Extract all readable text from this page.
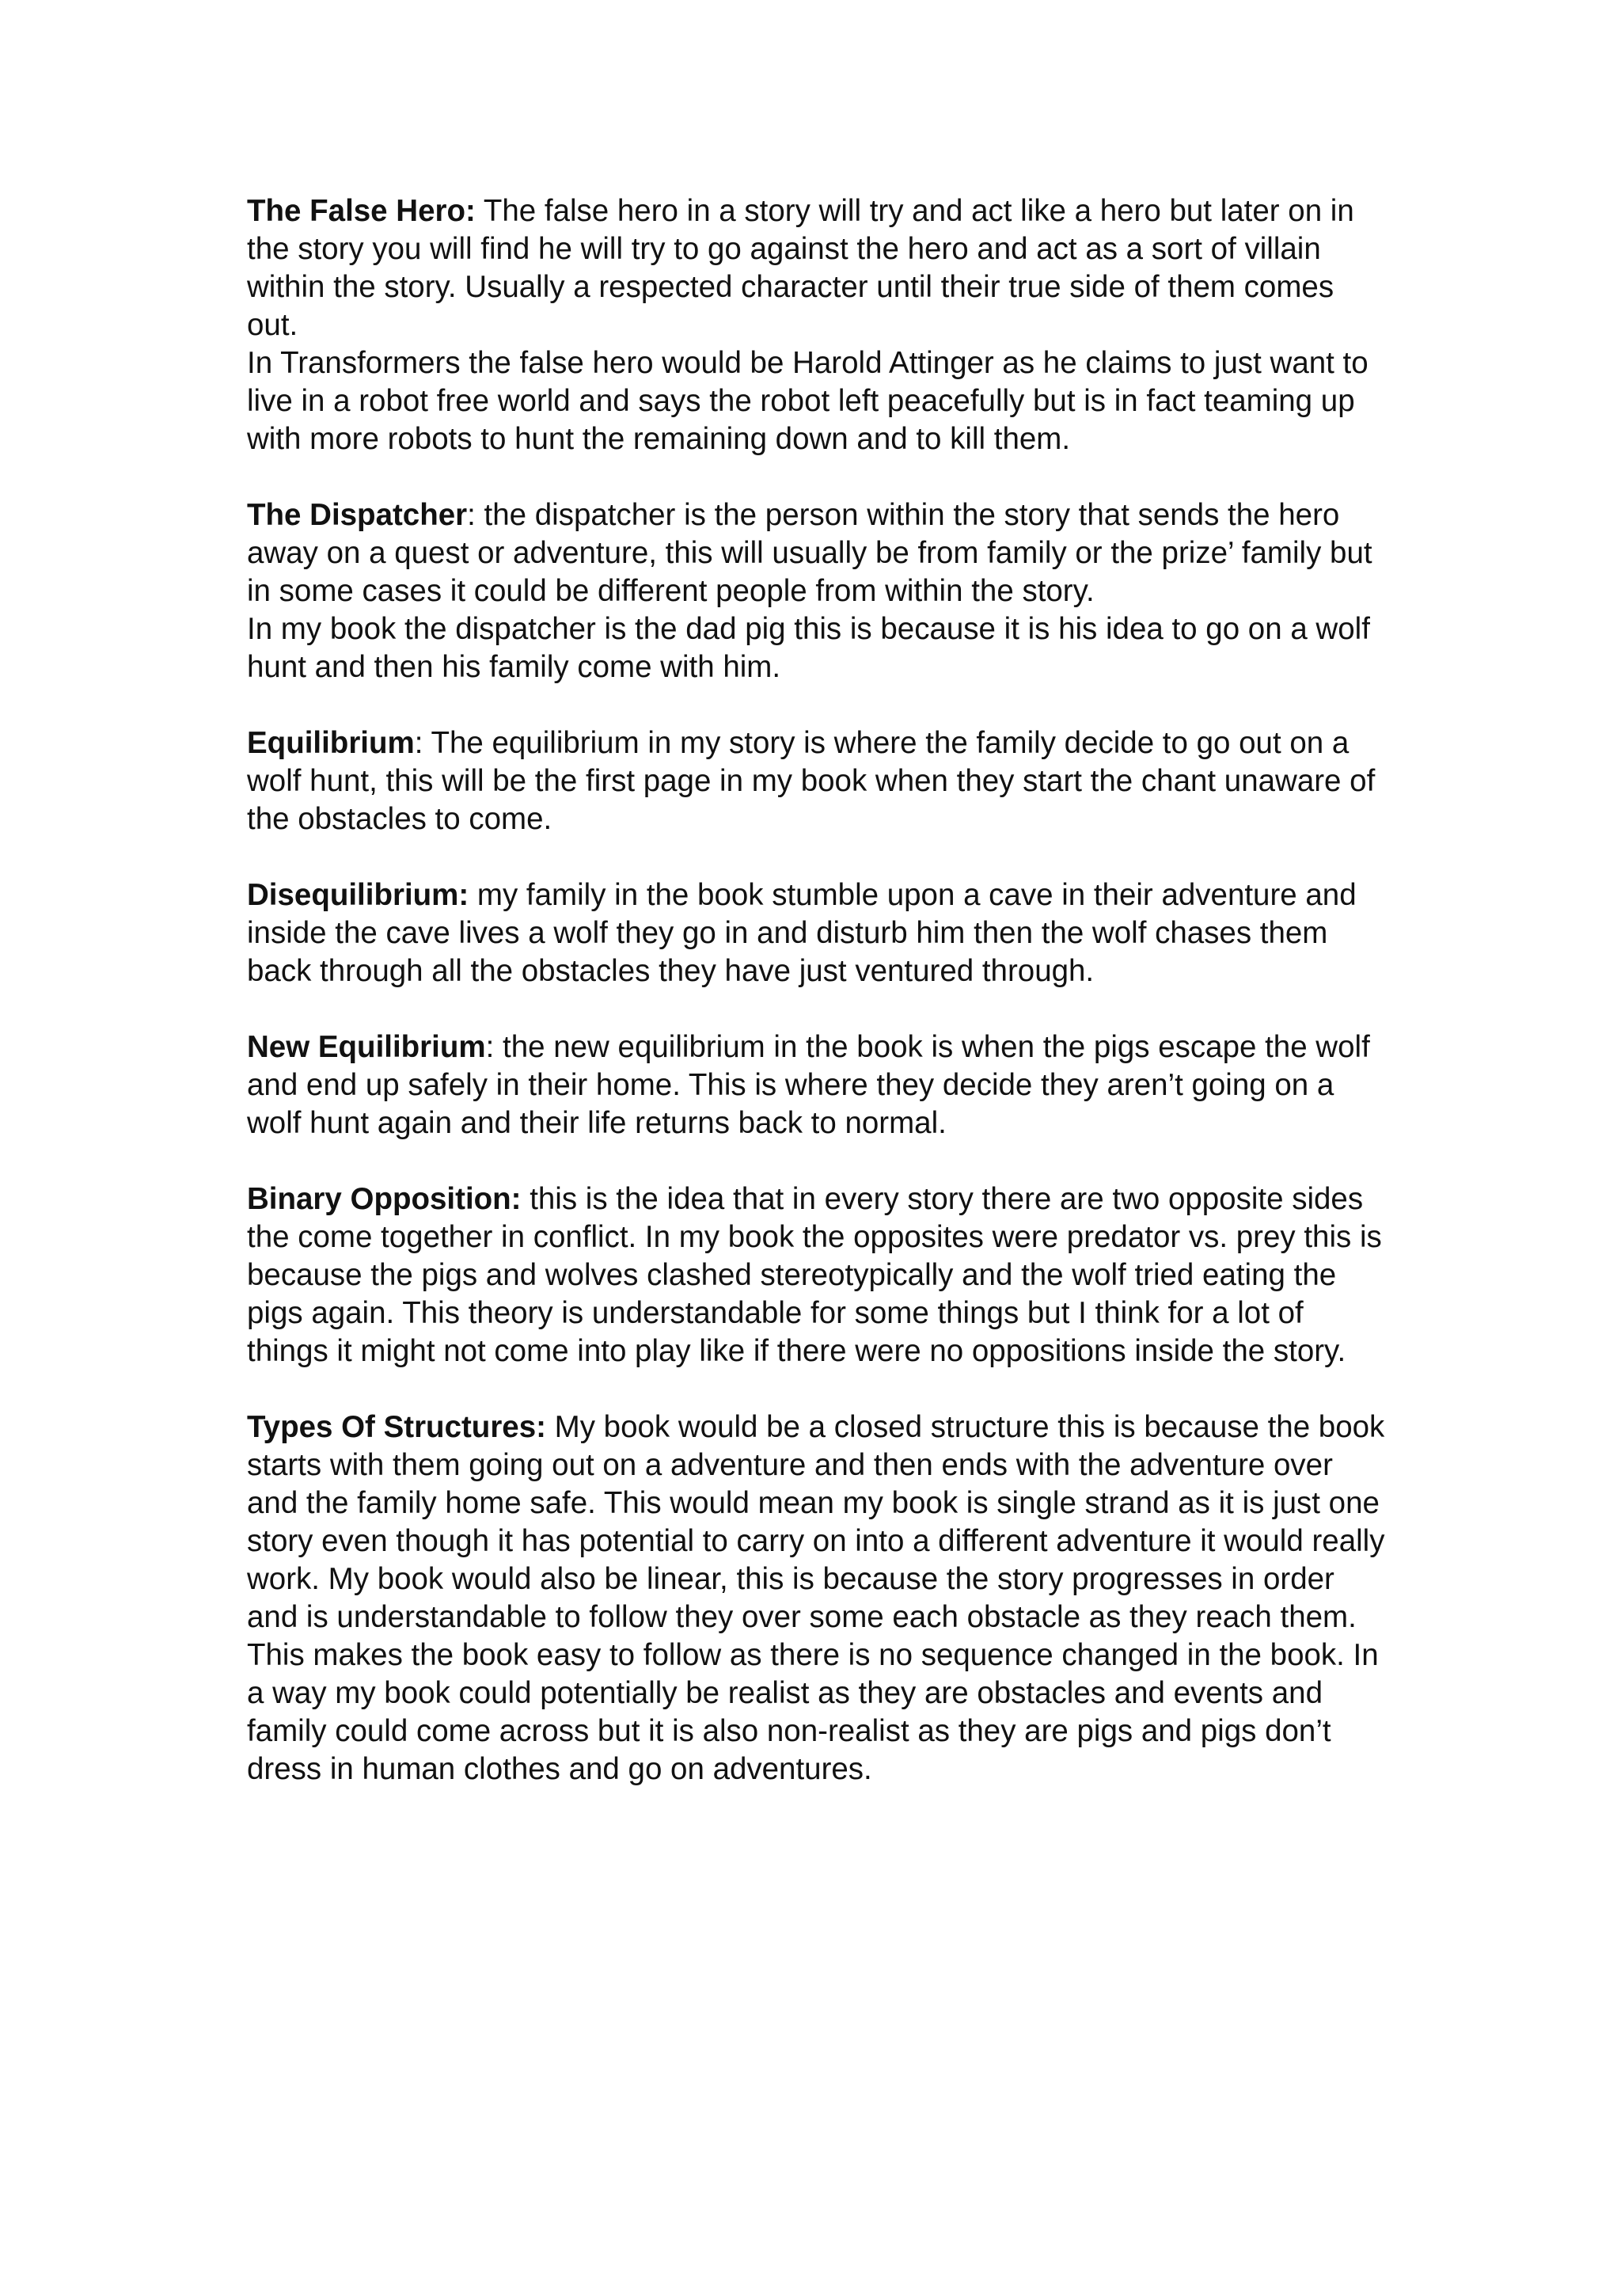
The False Hero: The false hero in a story will try and act like a hero but later on in the story you will find he will try to go against the hero and act as a sort of villain within the story. Usually a respected character until their true side of them comes out.

In Transformers the false hero would be Harold Attinger as he claims to just want to live in a robot free world and says the robot left peacefully but is in fact teaming up with more robots to hunt the remaining down and to kill them.

The Dispatcher: the dispatcher is the person within the story that sends the hero away on a quest or adventure, this will usually be from family or the prize’ family but in some cases it could be different people from within the story.

In my book the dispatcher is the dad pig this is because it is his idea to go on a wolf hunt and then his family come with him.

Equilibrium: The equilibrium in my story is where the family decide to go out on a wolf hunt, this will be the first page in my book when they start the chant unaware of the obstacles to come.

Disequilibrium: my family in the book stumble upon a cave in their adventure and inside the cave lives a wolf they go in and disturb him then the wolf chases them back through all the obstacles they have just ventured through.

New Equilibrium: the new equilibrium in the book is when the pigs escape the wolf and end up safely in their home. This is where they decide they aren’t going on a wolf hunt again and their life returns back to normal.

Binary Opposition: this is the idea that in every story there are two opposite sides the come together in conflict. In my book the opposites were predator vs. prey this is because the pigs and wolves clashed stereotypically and the wolf tried eating the pigs again. This theory is understandable for some things but I think for a lot of things it might not come into play like if there were no oppositions inside the story.

Types Of Structures: My book would be a closed structure this is because the book starts with them going out on a adventure and then ends with the adventure over and the family home safe. This would mean my book is single strand as it is just one story even though it has potential to carry on into a different adventure it would really work. My book would also be linear, this is because the story progresses in order and is understandable to follow they over some each obstacle as they reach them. This makes the book easy to follow as there is no sequence changed in the book. In a way my book could potentially be realist as they are obstacles and events and family could come across but it is also non-realist as they are pigs and pigs don’t dress in human clothes and go on adventures.
